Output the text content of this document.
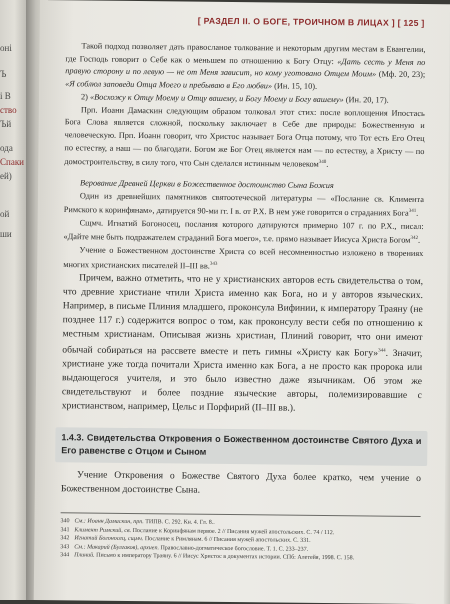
оні
Ъ
і В
ство
Ъй
ода
Спаки
ей)
ой
ши
[ РАЗДЕЛ II. О БОГЕ, ТРОИЧНОМ В ЛИЦАХ ] [ 125 ]

Такой подход позволяет дать правосланое толкование и некоторым другим местам в Евангелии, где Господь говорит о Себе как о меньшем по отношению к Богу Отцу: «Дать сесть у Меня по правую сторону и по левую — не от Меня зависит, но кому уготовано Отцем Моим» (Мф. 20, 23); «Я соблюл заповеди Отца Моего и пребываю в Его любви» (Ин. 15, 10).

2) «Восхожу к Отцу Моему и Отцу вашему, и Богу Моему и Богу вашему» (Ин. 20, 17).

Прп. Иоанн Дамаскин следующим образом толковал этот стих: после воплощения Ипостась Бога Слова является сложной, поскольку заключает в Себе две природы: Божественную и человеческую. Прп. Иоанн говорит, что Христос называет Бога Отца потому, что Тот есть Его Отец по естеству, а наш — по благодати. Богом же Бог Отец является нам — по естеству, а Христу — по домостроительству, в силу того, что Сын сделался истинным человеком$^{340}$.

Верование Древней Церкви в Божественное достоинство Сына Божия

Один из древнейших памятников святоотеческой литературы — «Послание св. Климента Римского к коринфянам», датируется 90-ми гг. I в. от Р.Х. В нем уже говорится о страданиях Бога$^{341}$.

Сщмч. Игнатий Богоносец, послания которого датируются примерно 107 г. по Р.Х., писал: «Дайте мне быть подражателем страданий Бога моего», т.е. прямо называет Иисуса Христа Богом$^{342}$.

Учение о Божественном достоинстве Христа со всей несомненностью изложено в творениях многих христианских писателей II–III вв.$^{343}$

Причем, важно отметить, что не у христианских авторов есть свидетельства о том, что древние христиане чтили Христа именно как Бога, но и у авторов языческих. Например, в письме Плиния младшего, проконсула Вифинии, к императору Траяну (не позднее 117 г.) содержится вопрос о том, как проконсулу вести себя по отношению к местным христианам. Описывая жизнь христиан, Плиний говорит, что они имеют обычай собираться на рассвете вместе и петь гимны «Христу как Богу»$^{344}$. Значит, христиане уже тогда почитали Христа именно как Бога, а не просто как пророка или выдающегося учителя, и это было известно даже язычникам. Об этом же свидетельствуют и более поздние языческие авторы, полемизировавшие с христианством, например, Цельс и Порфирий (II–III вв.).

1.4.3. Свидетельства Откровения о Божественном достоинстве Святого Духа и Его равенстве с Отцом и Сыном

Учение Откровения о Божестве Святого Духа более кратко, чем учение о Божественном достоинстве Сына.

340 См.: Иоанн Дамаскин, прп. ТИПВ. С. 292. Кн. 4. Гл. 8..

341 Климент Римский, св. Послание к Коринфянам первое. 2 // Писания мужей апостольских. С. 74 / 112.

342 Игнатий Богоносец, сщмч. Послание к Римлянам. 6 // Писания мужей апостольских. С. 331.

343 См.: Макарий (Булгаков), архиеп. Православно-догматическое богословие. Т. 1. С. 233–237.

344 Плиний. Письмо к императору Траяну. 6 // Иисус Христос в документах истории. СПб: Алетейя, 1998. С. 158.
